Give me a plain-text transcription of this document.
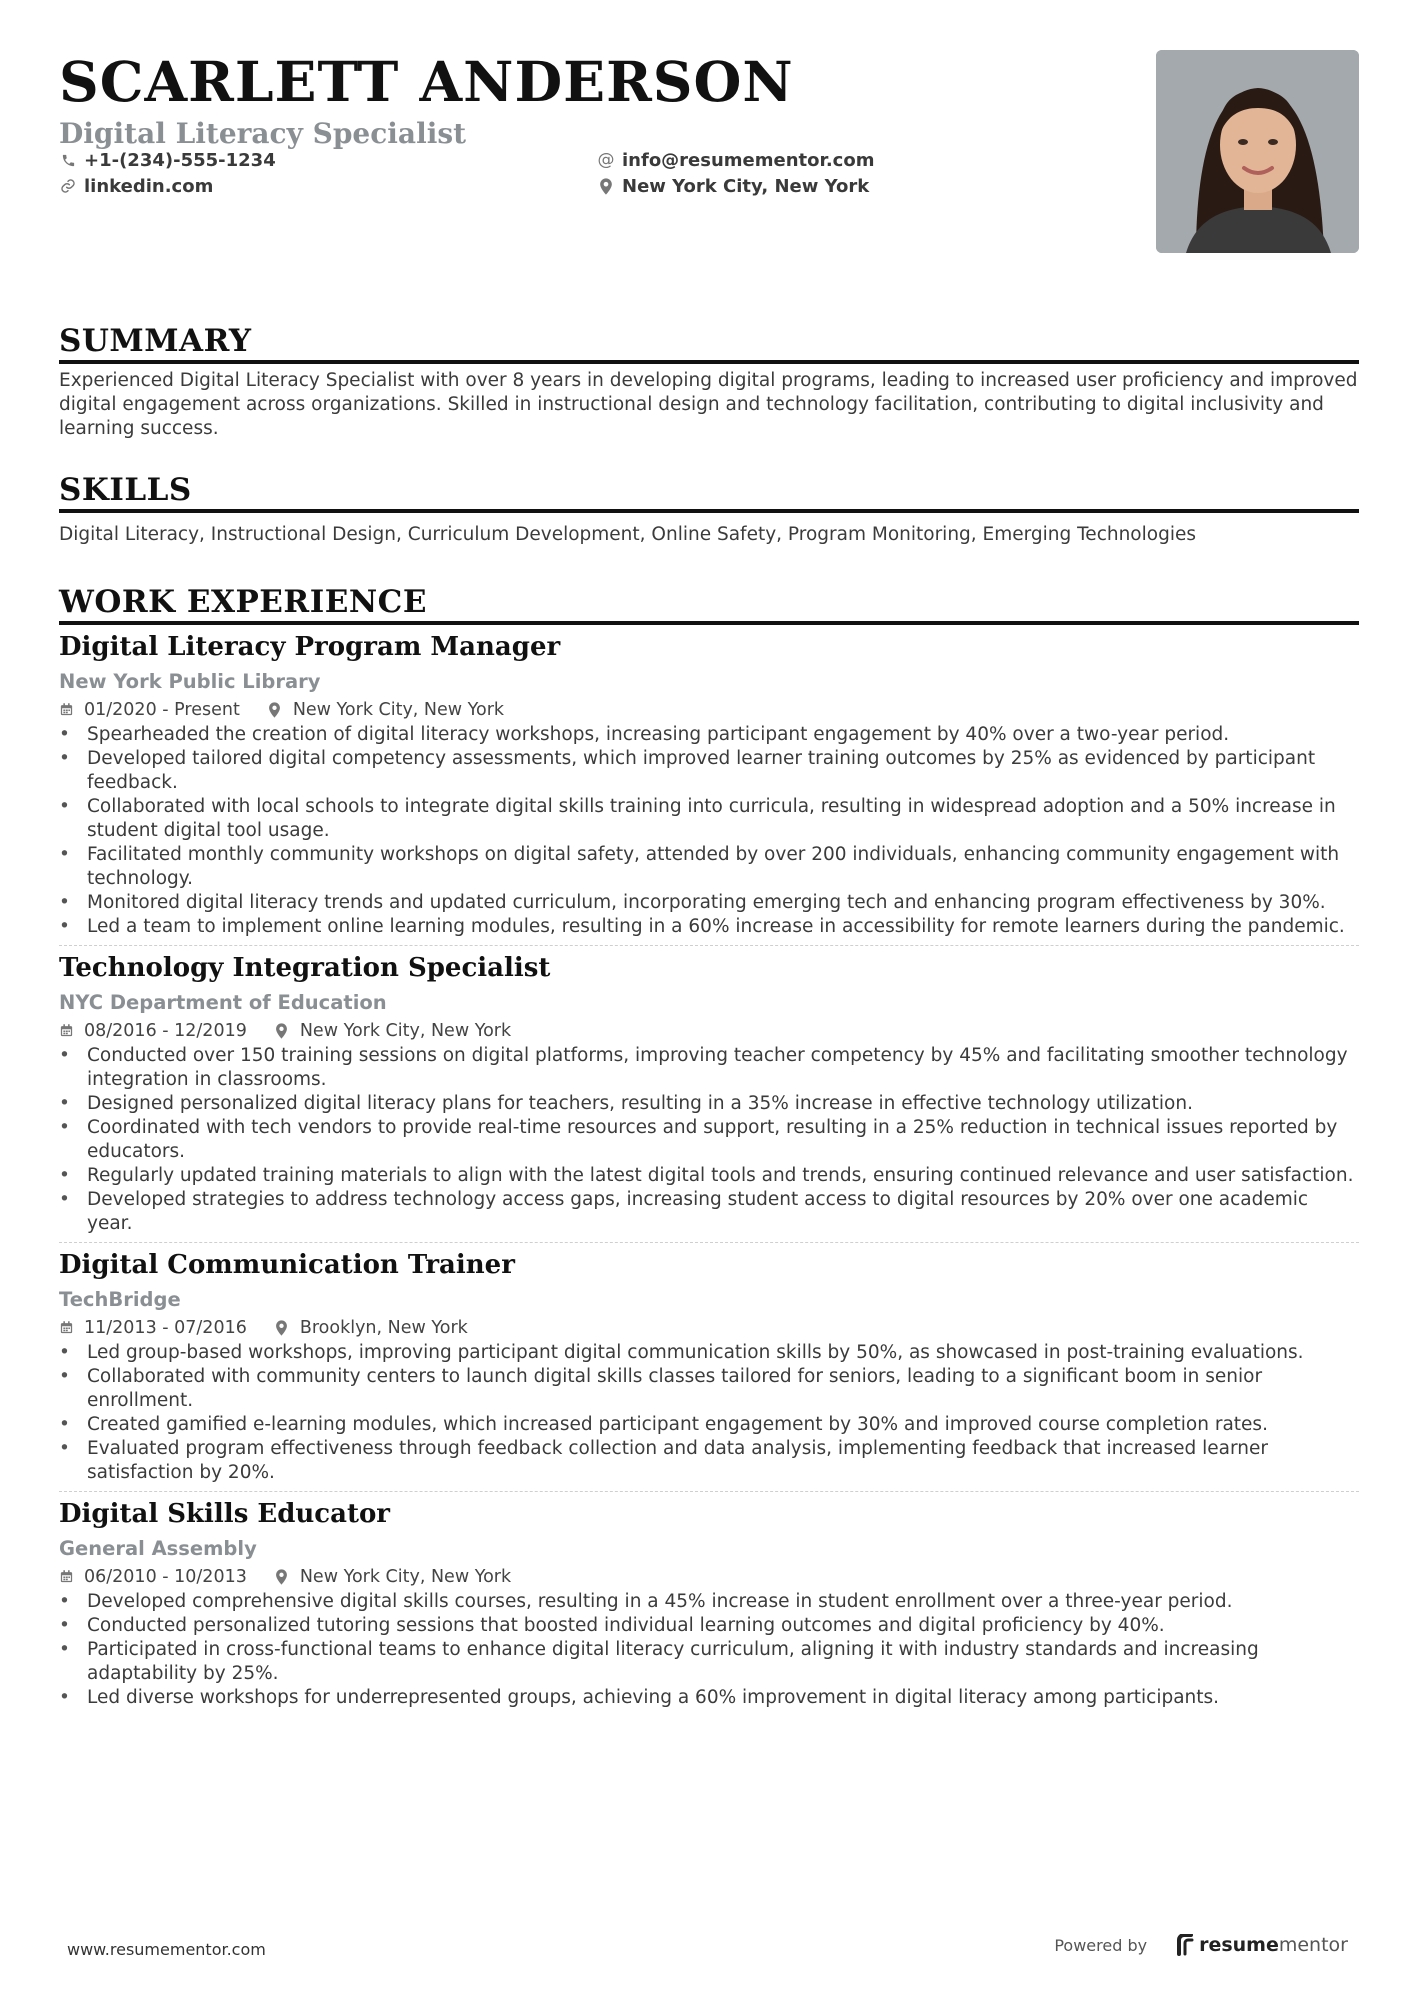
SCARLETT ANDERSON
Digital Literacy Specialist
+1-(234)-555-1234	@ info@resumementor.com
linkedin.com	New York City, New York
SUMMARY

Experienced Digital Literacy Specialist with over 8 years in developing digital programs, leading to increased user proficiency and improved digital engagement across organizations. Skilled in instructional design and technology facilitation, contributing to digital inclusivity and learning success.

SKILLS

Digital Literacy, Instructional Design, Curriculum Development, Online Safety, Program Monitoring, Emerging Technologies

WORK EXPERIENCE
Digital Literacy Program Manager
New York Public Library
01/2020 - Present	New York City, New York
• Spearheaded the creation of digital literacy workshops, increasing participant engagement by 40% over a two-year period.
• Developed tailored digital competency assessments, which improved learner training outcomes by 25% as evidenced by participant feedback.
• Collaborated with local schools to integrate digital skills training into curricula, resulting in widespread adoption and a 50% increase in student digital tool usage.
• Facilitated monthly community workshops on digital safety, attended by over 200 individuals, enhancing community engagement with technology.
• Monitored digital literacy trends and updated curriculum, incorporating emerging tech and enhancing program effectiveness by 30%.
• Led a team to implement online learning modules, resulting in a 60% increase in accessibility for remote learners during the pandemic.
Technology Integration Specialist
NYC Department of Education
08/2016 - 12/2019	New York City, New York
• Conducted over 150 training sessions on digital platforms, improving teacher competency by 45% and facilitating smoother technology integration in classrooms.
• Designed personalized digital literacy plans for teachers, resulting in a 35% increase in effective technology utilization.
• Coordinated with tech vendors to provide real-time resources and support, resulting in a 25% reduction in technical issues reported by educators.
• Regularly updated training materials to align with the latest digital tools and trends, ensuring continued relevance and user satisfaction.
• Developed strategies to address technology access gaps, increasing student access to digital resources by 20% over one academic year.
Digital Communication Trainer
TechBridge
11/2013 - 07/2016	Brooklyn, New York
• Led group-based workshops, improving participant digital communication skills by 50%, as showcased in post-training evaluations.
• Collaborated with community centers to launch digital skills classes tailored for seniors, leading to a significant boom in senior enrollment.
• Created gamified e-learning modules, which increased participant engagement by 30% and improved course completion rates.
• Evaluated program effectiveness through feedback collection and data analysis, implementing feedback that increased learner satisfaction by 20%.
Digital Skills Educator
General Assembly
06/2010 - 10/2013	New York City, New York
• Developed comprehensive digital skills courses, resulting in a 45% increase in student enrollment over a three-year period.
• Conducted personalized tutoring sessions that boosted individual learning outcomes and digital proficiency by 40%.
• Participated in cross-functional teams to enhance digital literacy curriculum, aligning it with industry standards and increasing adaptability by 25%.
• Led diverse workshops for underrepresented groups, achieving a 60% improvement in digital literacy among participants.
www.resumementor.com	Powered by	resume mentor
